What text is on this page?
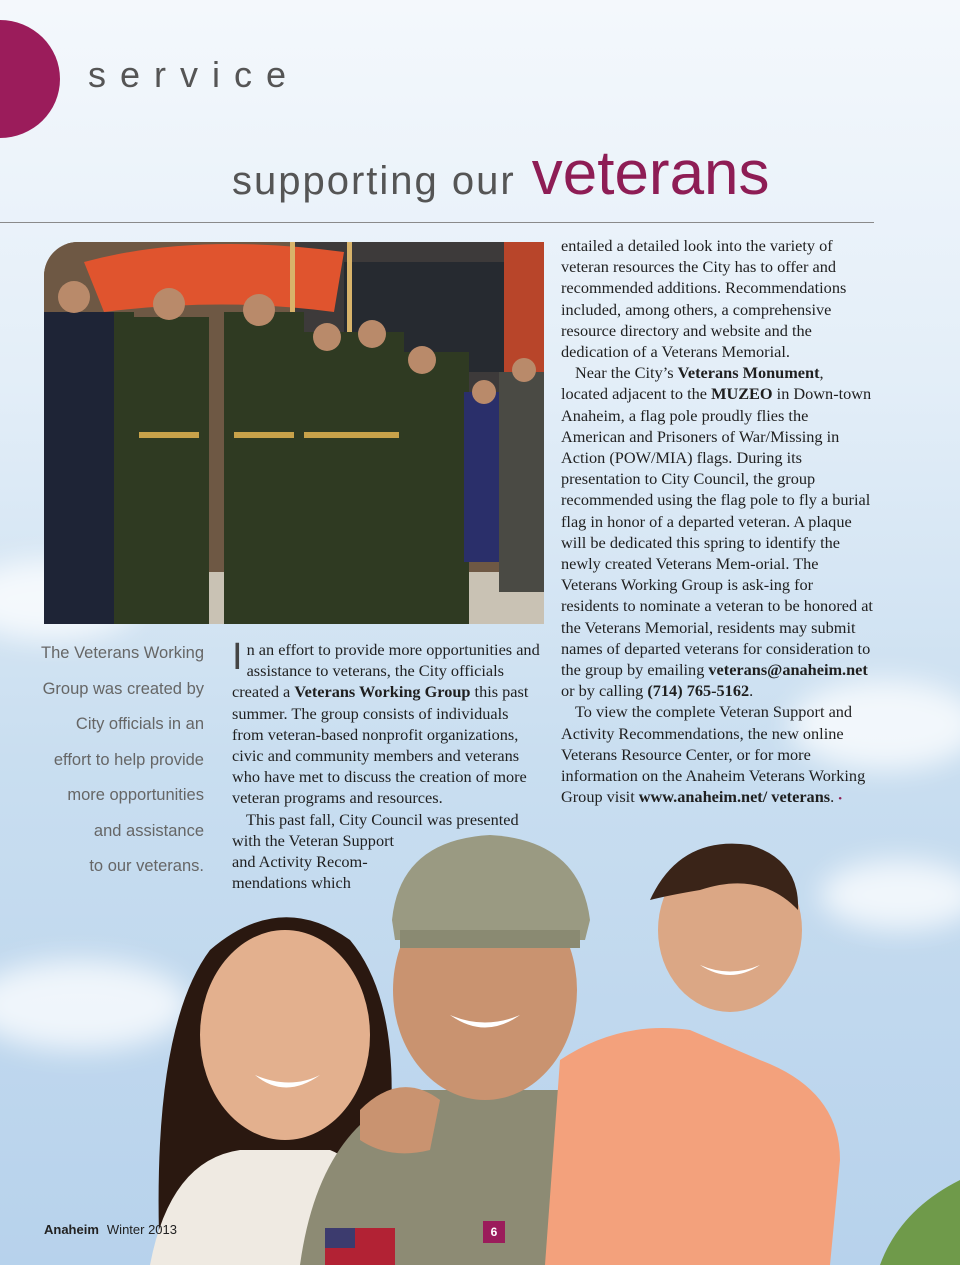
service
supporting our veterans
The Veterans Working
Group was created by
City officials in an
effort to help provide
more opportunities
and assistance
to our veterans.

In an effort to provide more opportunities and assistance to veterans, the City officials created a Veterans Working Group this past summer. The group consists of individuals from veteran-based nonprofit organizations, civic and community members and veterans who have met to discuss the creation of more veteran programs and resources.

This past fall, City Council was presented with the Veteran Support
and Activity Recom-
mendations which

entailed a detailed look into the variety of veteran resources the City has to offer and recommended additions. Recommendations included, among others, a comprehensive resource directory and website and the dedication of a Veterans Memorial.

Near the City’s Veterans Monument, located adjacent to the MUZEO in Down-town Anaheim, a flag pole proudly flies the American and Prisoners of War/Missing in Action (POW/MIA) flags. During its presentation to City Council, the group recommended using the flag pole to fly a burial flag in honor of a departed veteran. A plaque will be dedicated this spring to identify the newly created Veterans Mem-orial. The Veterans Working Group is ask-ing for residents to nominate a veteran to be honored at the Veterans Memorial, residents may submit names of departed veterans for consideration to the group by emailing veterans@anaheim.net or by calling (714) 765-5162.

To view the complete Veteran Support and Activity Recommendations, the new online Veterans Resource Center, or for more information on the Anaheim Veterans Working Group visit www.anaheim.net/ veterans. •

Anaheim Winter 2013	6
